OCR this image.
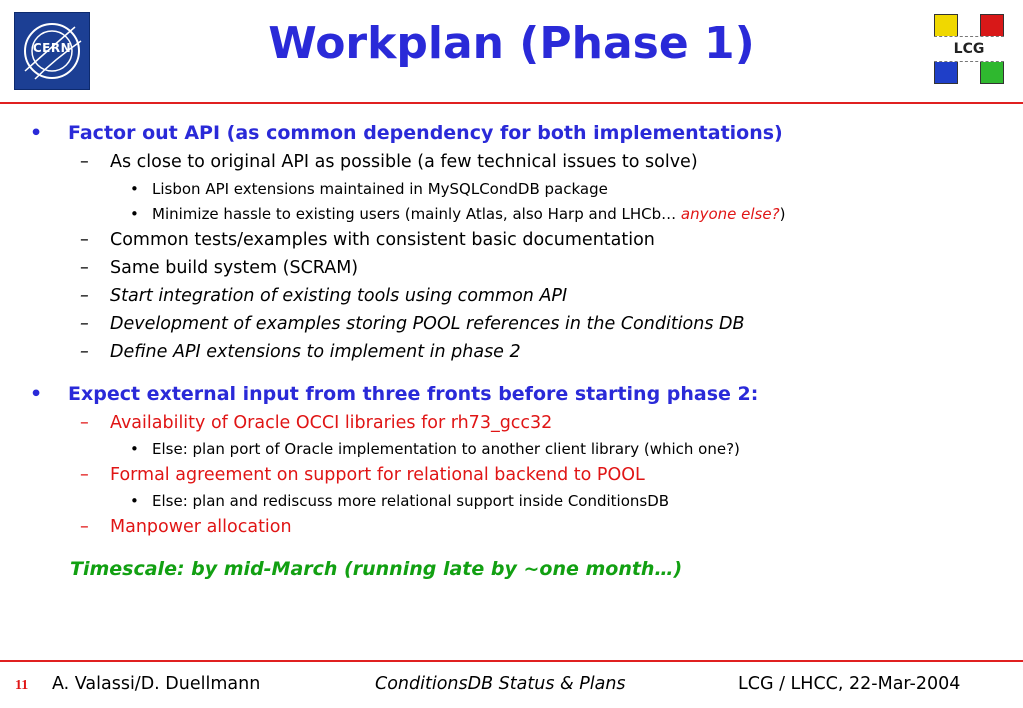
CERN	Workplan (Phase 1)	LCG
• Factor out API (as common dependency for both implementations)
– As close to original API as possible (a few technical issues to solve)
• Lisbon API extensions maintained in MySQLCondDB package
• Minimize hassle to existing users (mainly Atlas, also Harp and LHCb… anyone else?)
– Common tests/examples with consistent basic documentation
– Same build system (SCRAM)
– Start integration of existing tools using common API
– Development of examples storing POOL references in the Conditions DB
– Define API extensions to implement in phase 2
• Expect external input from three fronts before starting phase 2:
– Availability of Oracle OCCI libraries for rh73_gcc32
• Else: plan port of Oracle implementation to another client library (which one?)
– Formal agreement on support for relational backend to POOL
• Else: plan and rediscuss more relational support inside ConditionsDB
– Manpower allocation
Timescale: by mid-March (running late by ~one month…)
11 A. Valassi/D. Duellmann	ConditionsDB Status & Plans	LCG / LHCC, 22-Mar-2004
